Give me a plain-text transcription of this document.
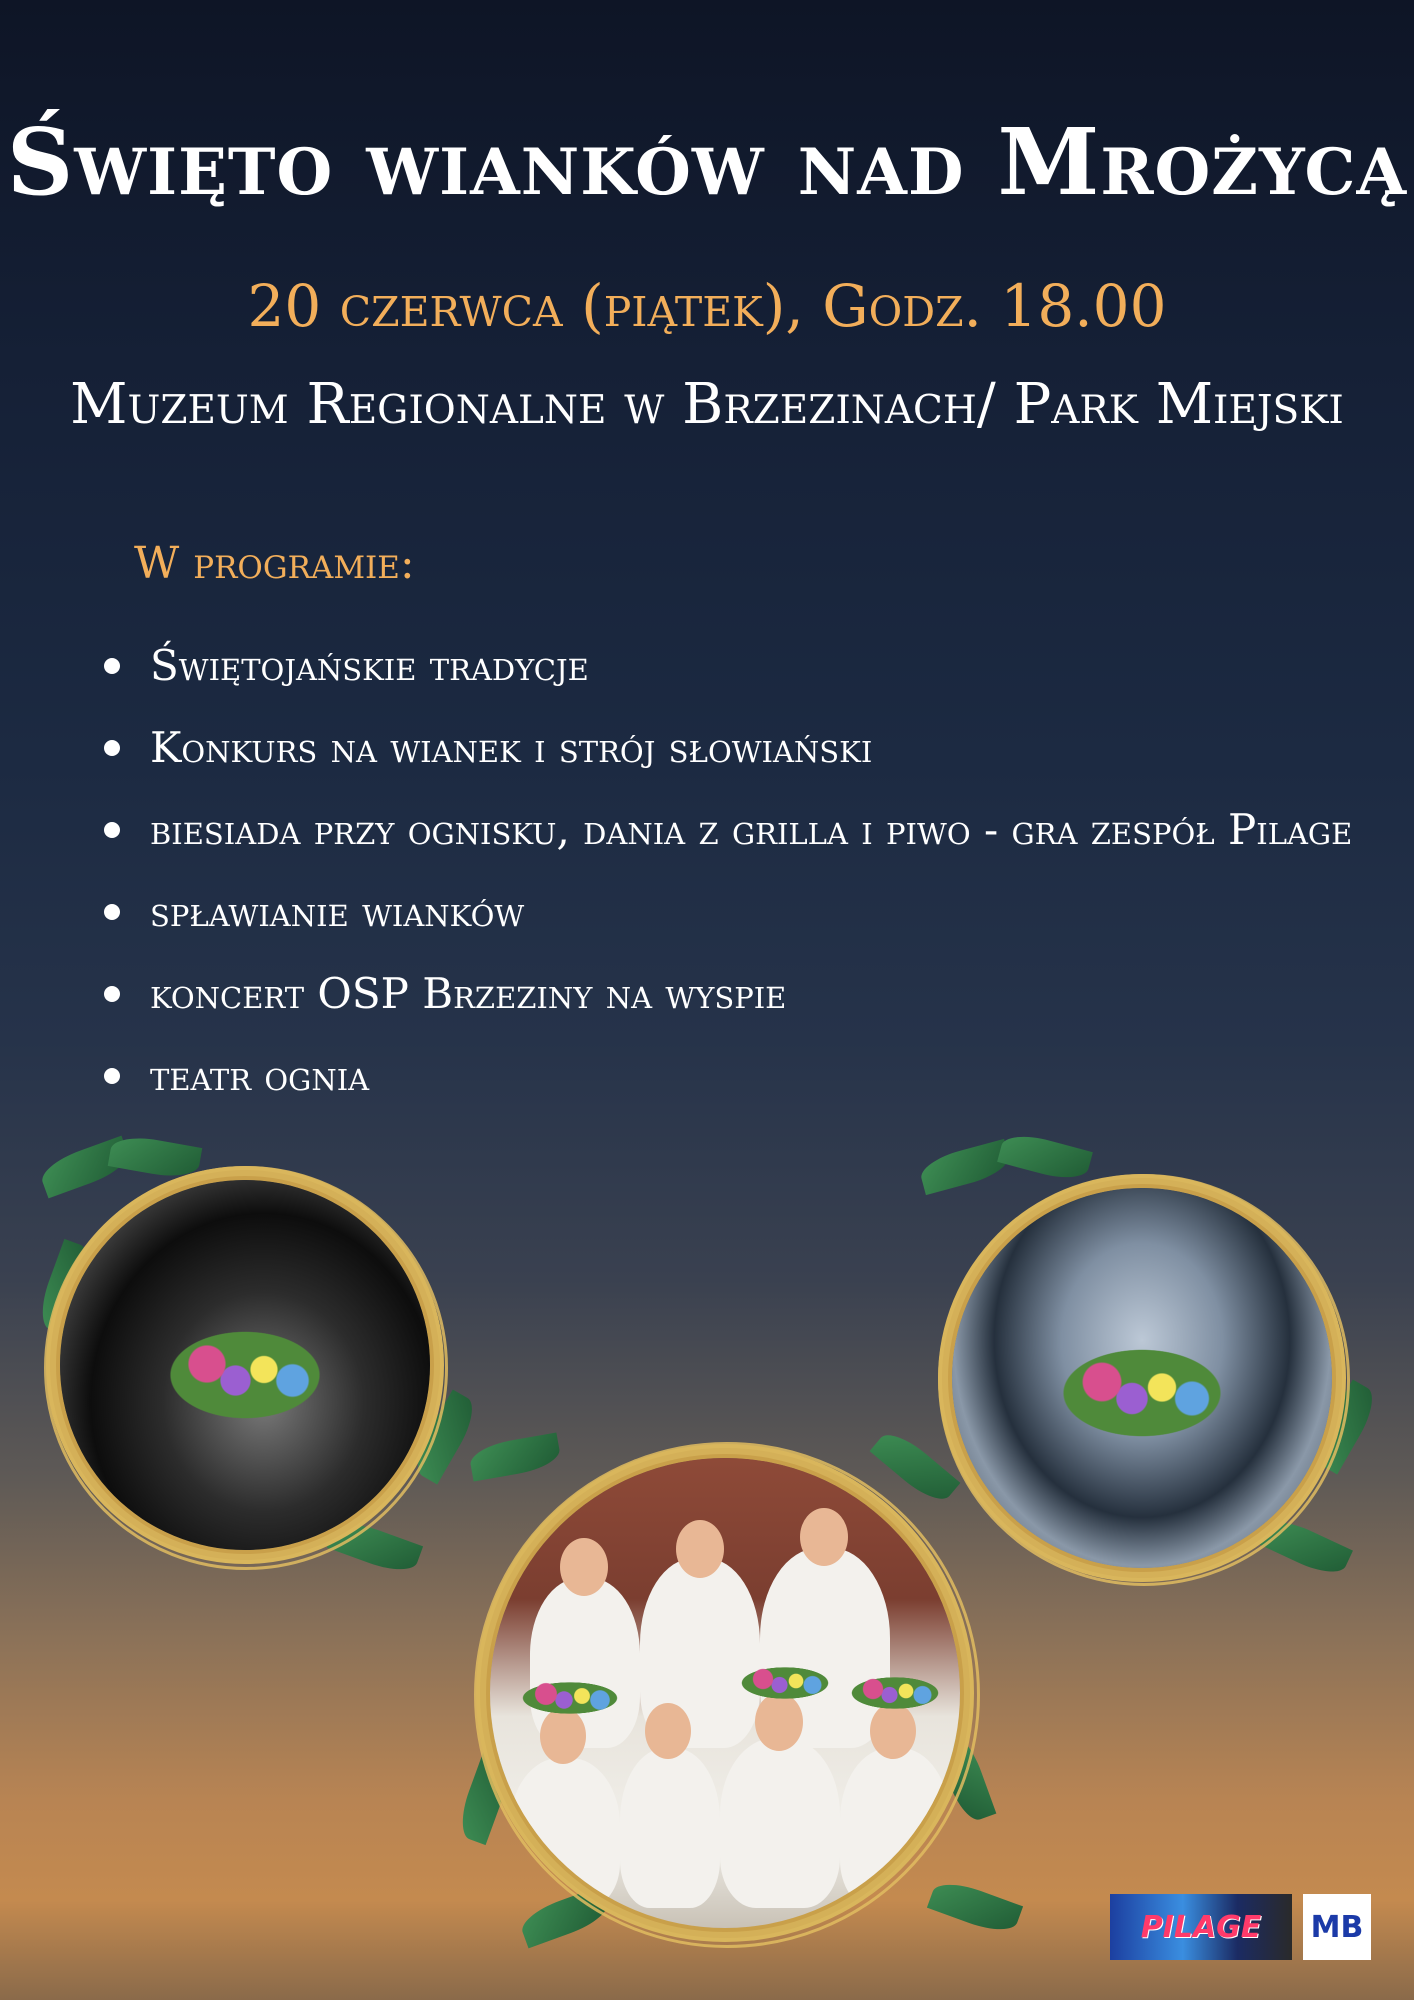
Święto wianków nad Mrożycą
20 czerwca (piątek), Godz. 18.00
Muzeum Regionalne w Brzezinach/ Park Miejski
W programie:
Świętojańskie tradycje
Konkurs na wianek i strój słowiański
biesiada przy ognisku, dania z grilla i piwo - gra zespół Pilage
spławianie wianków
koncert OSP Brzeziny na wyspie
teatr ognia
PILAGE MB
